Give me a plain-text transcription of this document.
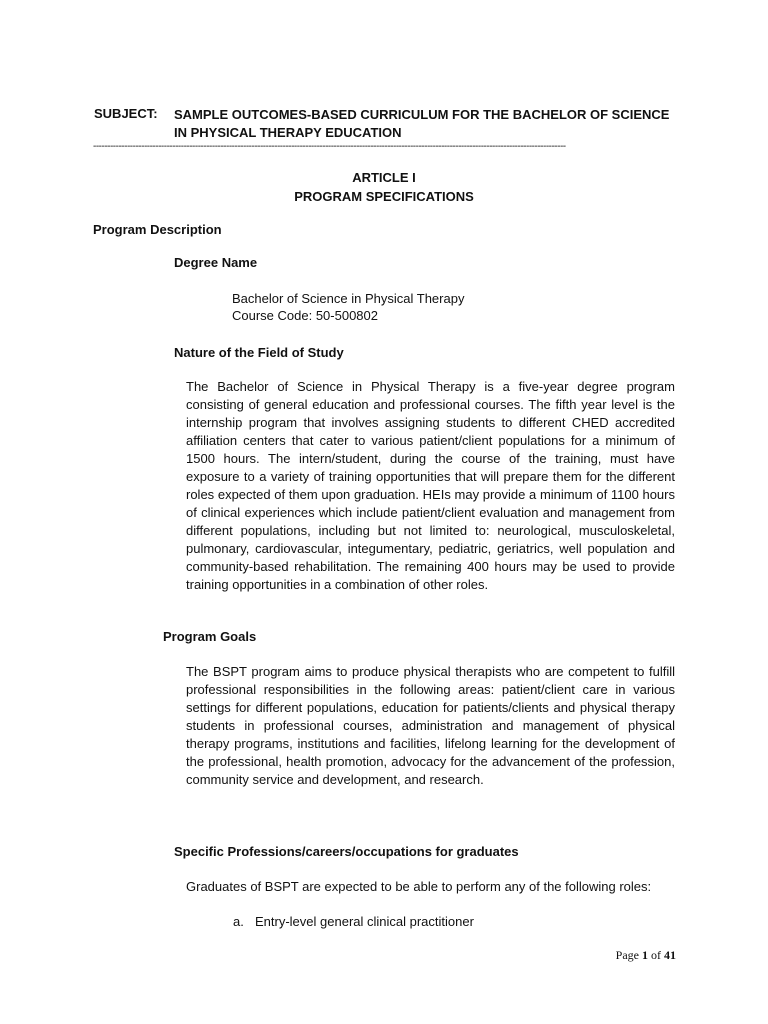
SUBJECT: SAMPLE OUTCOMES-BASED CURRICULUM FOR THE BACHELOR OF SCIENCE IN PHYSICAL THERAPY EDUCATION
-----------------------------------------------------------------------------------------------------------------------------------------------------------------------
ARTICLE I
PROGRAM SPECIFICATIONS
Program Description
Degree Name
Bachelor of Science in Physical Therapy
Course Code: 50-500802
Nature of the Field of Study
The Bachelor of Science in Physical Therapy is a five-year degree program consisting of general education and professional courses. The fifth year level is the internship program that involves assigning students to different CHED accredited affiliation centers that cater to various patient/client populations for a minimum of 1500 hours. The intern/student, during the course of the training, must have exposure to a variety of training opportunities that will prepare them for the different roles expected of them upon graduation. HEIs may provide a minimum of 1100 hours of clinical experiences which include patient/client evaluation and management from different populations, including but not limited to: neurological, musculoskeletal, pulmonary, cardiovascular, integumentary, pediatric, geriatrics, well population and community-based rehabilitation. The remaining 400 hours may be used to provide training opportunities in a combination of other roles.
Program Goals
The BSPT program aims to produce physical therapists who are competent to fulfill professional responsibilities in the following areas: patient/client care in various settings for different populations, education for patients/clients and physical therapy students in professional courses, administration and management of physical therapy programs, institutions and facilities, lifelong learning for the development of the professional, health promotion, advocacy for the advancement of the profession, community service and development, and research.
Specific Professions/careers/occupations for graduates
Graduates of BSPT are expected to be able to perform any of the following roles:
a. Entry-level general clinical practitioner
Page 1 of 41
